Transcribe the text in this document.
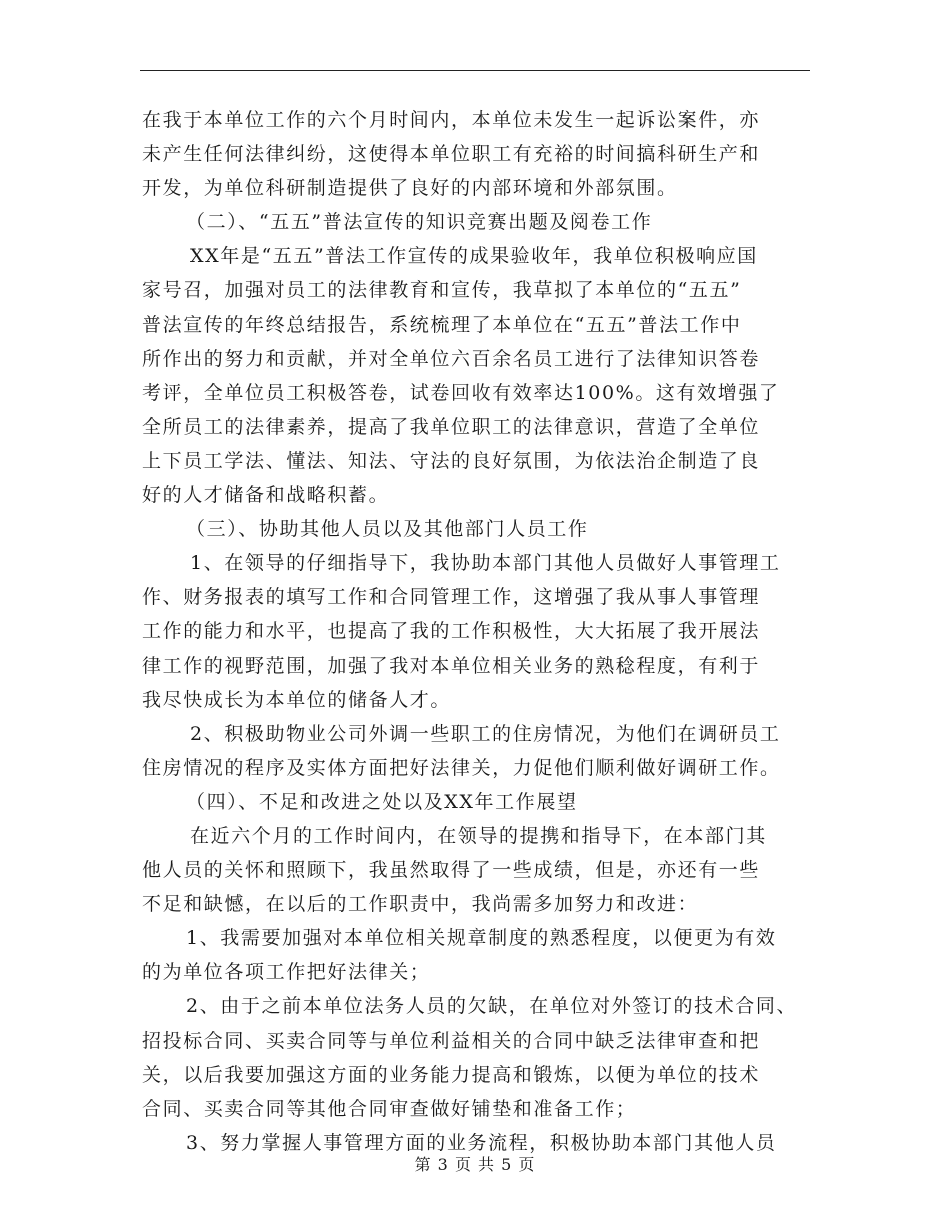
在我于本单位工作的六个月时间内，本单位未发生一起诉讼案件，亦
未产生任何法律纠纷，这使得本单位职工有充裕的时间搞科研生产和
开发，为单位科研制造提供了良好的内部环境和外部氛围。
（二）、“五五”普法宣传的知识竞赛出题及阅卷工作
XX年是“五五”普法工作宣传的成果验收年，我单位积极响应国
家号召，加强对员工的法律教育和宣传，我草拟了本单位的“五五”
普法宣传的年终总结报告，系统梳理了本单位在“五五”普法工作中
所作出的努力和贡献，并对全单位六百余名员工进行了法律知识答卷
考评，全单位员工积极答卷，试卷回收有效率达100%。这有效增强了
全所员工的法律素养，提高了我单位职工的法律意识，营造了全单位
上下员工学法、懂法、知法、守法的良好氛围，为依法治企制造了良
好的人才储备和战略积蓄。
（三）、协助其他人员以及其他部门人员工作
1、在领导的仔细指导下，我协助本部门其他人员做好人事管理工
作、财务报表的填写工作和合同管理工作，这增强了我从事人事管理
工作的能力和水平，也提高了我的工作积极性，大大拓展了我开展法
律工作的视野范围，加强了我对本单位相关业务的熟稔程度，有利于
我尽快成长为本单位的储备人才。
2、积极助物业公司外调一些职工的住房情况，为他们在调研员工
住房情况的程序及实体方面把好法律关，力促他们顺利做好调研工作。
（四）、不足和改进之处以及XX年工作展望
在近六个月的工作时间内，在领导的提携和指导下，在本部门其
他人员的关怀和照顾下，我虽然取得了一些成绩，但是，亦还有一些
不足和缺憾，在以后的工作职责中，我尚需多加努力和改进：
1、我需要加强对本单位相关规章制度的熟悉程度，以便更为有效
的为单位各项工作把好法律关；
2、由于之前本单位法务人员的欠缺，在单位对外签订的技术合同、
招投标合同、买卖合同等与单位利益相关的合同中缺乏法律审查和把
关，以后我要加强这方面的业务能力提高和锻炼，以便为单位的技术
合同、买卖合同等其他合同审查做好铺垫和准备工作；
3、努力掌握人事管理方面的业务流程，积极协助本部门其他人员
第 3 页 共 5 页
